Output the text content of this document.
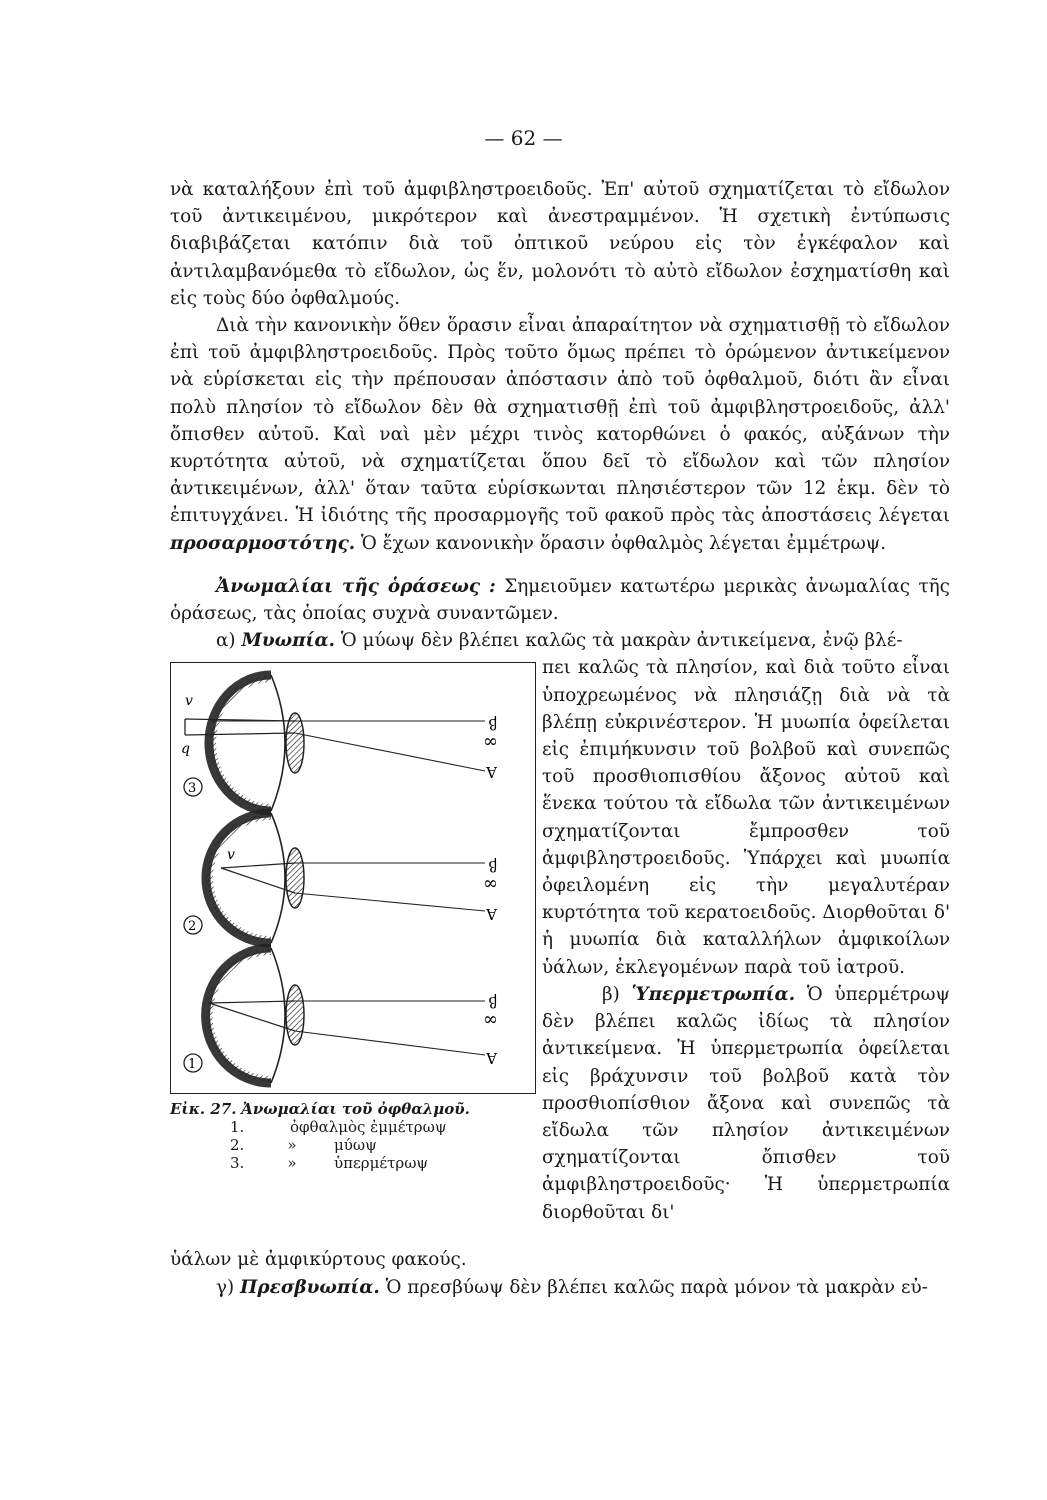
— 62 —

νὰ καταλήξουν ἐπὶ τοῦ ἀμφιβληστροειδοῦς. Ἐπ' αὐτοῦ σχηματίζεται τὸ εἴδωλον τοῦ ἀντικειμένου, μικρότερον καὶ ἀνεστραμμένον. Ἡ σχετικὴ ἐντύπωσις διαβιβάζεται κατόπιν διὰ τοῦ ὀπτικοῦ νεύρου εἰς τὸν ἐγκέφαλον καὶ ἀντιλαμβανόμεθα τὸ εἴδωλον, ὡς ἕν, μολονότι τὸ αὐτὸ εἴδωλον ἐσχηματίσθη καὶ εἰς τοὺς δύο ὀφθαλμούς.

Διὰ τὴν κανονικὴν ὅθεν ὅρασιν εἶναι ἀπαραίτητον νὰ σχηματισθῇ τὸ εἴδωλον ἐπὶ τοῦ ἀμφιβληστροειδοῦς. Πρὸς τοῦτο ὅμως πρέπει τὸ ὁρώμενον ἀντικείμενον νὰ εὑρίσκεται εἰς τὴν πρέπουσαν ἀπόστασιν ἀπὸ τοῦ ὀφθαλμοῦ, διότι ἂν εἶναι πολὺ πλησίον τὸ εἴδωλον δὲν θὰ σχηματισθῇ ἐπὶ τοῦ ἀμφιβληστροειδοῦς, ἀλλ' ὄπισθεν αὐτοῦ. Καὶ ναὶ μὲν μέχρι τινὸς κατορθώνει ὁ φακός, αὐξάνων τὴν κυρτότητα αὐτοῦ, νὰ σχηματίζεται ὅπου δεῖ τὸ εἴδωλον καὶ τῶν πλησίον ἀντικειμένων, ἀλλ' ὅταν ταῦτα εὑρίσκωνται πλησιέστερον τῶν 12 ἑκμ. δὲν τὸ ἐπιτυγχάνει. Ἡ ἰδιότης τῆς προσαρμογῆς τοῦ φακοῦ πρὸς τὰς ἀποστάσεις λέγεται προσαρμοστότης. Ὁ ἔχων κανονικὴν ὅρασιν ὀφθαλμὸς λέγεται ἐμμέτρωψ.

Ἀνωμαλίαι τῆς ὁράσεως : Σημειοῦμεν κατωτέρω μερικὰς ἀνωμαλίας τῆς ὁράσεως, τὰς ὁποίας συχνὰ συναντῶμεν.

α) Μυωπία. Ὁ μύωψ δὲν βλέπει καλῶς τὰ μακρὰν ἀντικείμενα, ἐνῷ βλέ-

v
q
β
∞
A
3
v
β
∞
A
2
β
∞
A
1
Εἰκ. 27. Ἀνωμαλίαι τοῦ ὀφθαλμοῦ.
1.	ὀφθαλμὸς ἐμμέτρωψ
2.	»	μύωψ
3.	»	ὑπερμέτρωψ

πει καλῶς τὰ πλησίον, καὶ διὰ τοῦτο εἶναι ὑποχρεωμένος νὰ πλησιάζῃ διὰ νὰ τὰ βλέπῃ εὐκρινέστερον. Ἡ μυωπία ὀφείλεται εἰς ἐπιμήκυνσιν τοῦ βολβοῦ καὶ συνεπῶς τοῦ προσθιοπισθίου ἄξονος αὐτοῦ καὶ ἕνεκα τούτου τὰ εἴδωλα τῶν ἀντικειμένων σχηματίζονται ἔμπροσθεν τοῦ ἀμφιβληστροειδοῦς. Ὑπάρχει καὶ μυωπία ὀφειλομένη εἰς τὴν μεγαλυτέραν κυρτότητα τοῦ κερατοειδοῦς. Διορθοῦται δ' ἡ μυωπία διὰ καταλλήλων ἀμφικοίλων ὑάλων, ἐκλεγομένων παρὰ τοῦ ἰατροῦ.

β) Ὑπερμετρωπία. Ὁ ὑπερμέτρωψ δὲν βλέπει καλῶς ἰδίως τὰ πλησίον ἀντικείμενα. Ἡ ὑπερμετρωπία ὀφείλεται εἰς βράχυνσιν τοῦ βολβοῦ κατὰ τὸν προσθιοπίσθιον ἄξονα καὶ συνεπῶς τὰ εἴδωλα τῶν πλησίον ἀντικειμένων σχηματίζονται ὄπισθεν τοῦ ἀμφιβληστροειδοῦς· Ἡ ὑπερμετρωπία διορθοῦται δι'

ὑάλων μὲ ἀμφικύρτους φακούς.

γ) Πρεσβυωπία. Ὁ πρεσβύωψ δὲν βλέπει καλῶς παρὰ μόνον τὰ μακρὰν εὐ-
